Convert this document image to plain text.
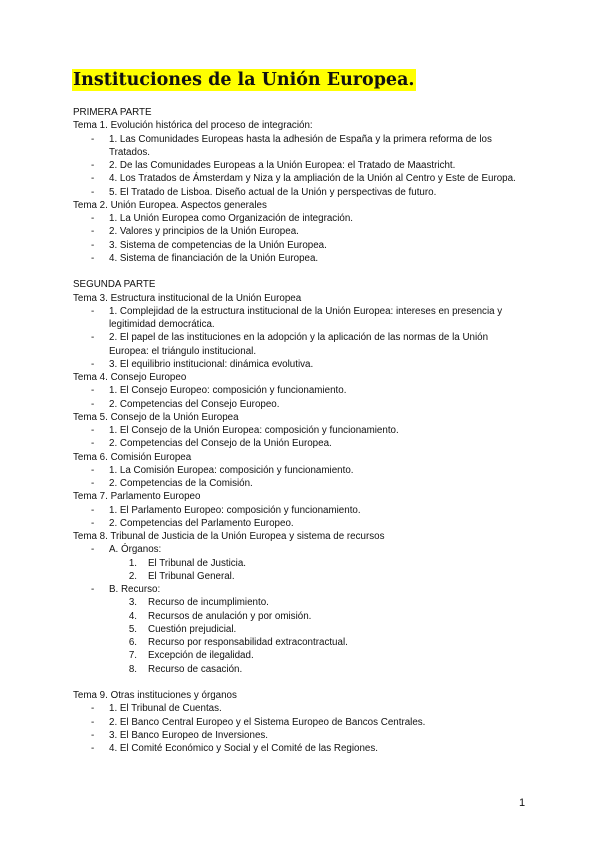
Instituciones de la Unión Europea.
PRIMERA PARTE
Tema 1. Evolución histórica del proceso de integración:
- 1. Las Comunidades Europeas hasta la adhesión de España y la primera reforma de los Tratados.
- 2. De las Comunidades Europeas a la Unión Europea: el Tratado de Maastricht.
- 4. Los Tratados de Ámsterdam y Niza y la ampliación de la Unión al Centro y Este de Europa.
- 5. El Tratado de Lisboa. Diseño actual de la Unión y perspectivas de futuro.
Tema 2. Unión Europea. Aspectos generales
- 1. La Unión Europea como Organización de integración.
- 2. Valores y principios de la Unión Europea.
- 3. Sistema de competencias de la Unión Europea.
- 4. Sistema de financiación de la Unión Europea.
SEGUNDA PARTE
Tema 3. Estructura institucional de la Unión Europea
- 1. Complejidad de la estructura institucional de la Unión Europea: intereses en presencia y legitimidad democrática.
- 2. El papel de las instituciones en la adopción y la aplicación de las normas de la Unión Europea: el triángulo institucional.
- 3. El equilibrio institucional: dinámica evolutiva.
Tema 4. Consejo Europeo
- 1. El Consejo Europeo: composición y funcionamiento.
- 2. Competencias del Consejo Europeo.
Tema 5. Consejo de la Unión Europea
- 1. El Consejo de la Unión Europea: composición y funcionamiento.
- 2. Competencias del Consejo de la Unión Europea.
Tema 6. Comisión Europea
- 1. La Comisión Europea: composición y funcionamiento.
- 2. Competencias de la Comisión.
Tema 7. Parlamento Europeo
- 1. El Parlamento Europeo: composición y funcionamiento.
- 2. Competencias del Parlamento Europeo.
Tema 8. Tribunal de Justicia de la Unión Europea y sistema de recursos
- A. Órganos:
1. El Tribunal de Justicia.
2. El Tribunal General.
- B. Recurso:
3. Recurso de incumplimiento.
4. Recursos de anulación y por omisión.
5. Cuestión prejudicial.
6. Recurso por responsabilidad extracontractual.
7. Excepción de ilegalidad.
8. Recurso de casación.
Tema 9. Otras instituciones y órganos
- 1. El Tribunal de Cuentas.
- 2. El Banco Central Europeo y el Sistema Europeo de Bancos Centrales.
- 3. El Banco Europeo de Inversiones.
- 4. El Comité Económico y Social y el Comité de las Regiones.
1
